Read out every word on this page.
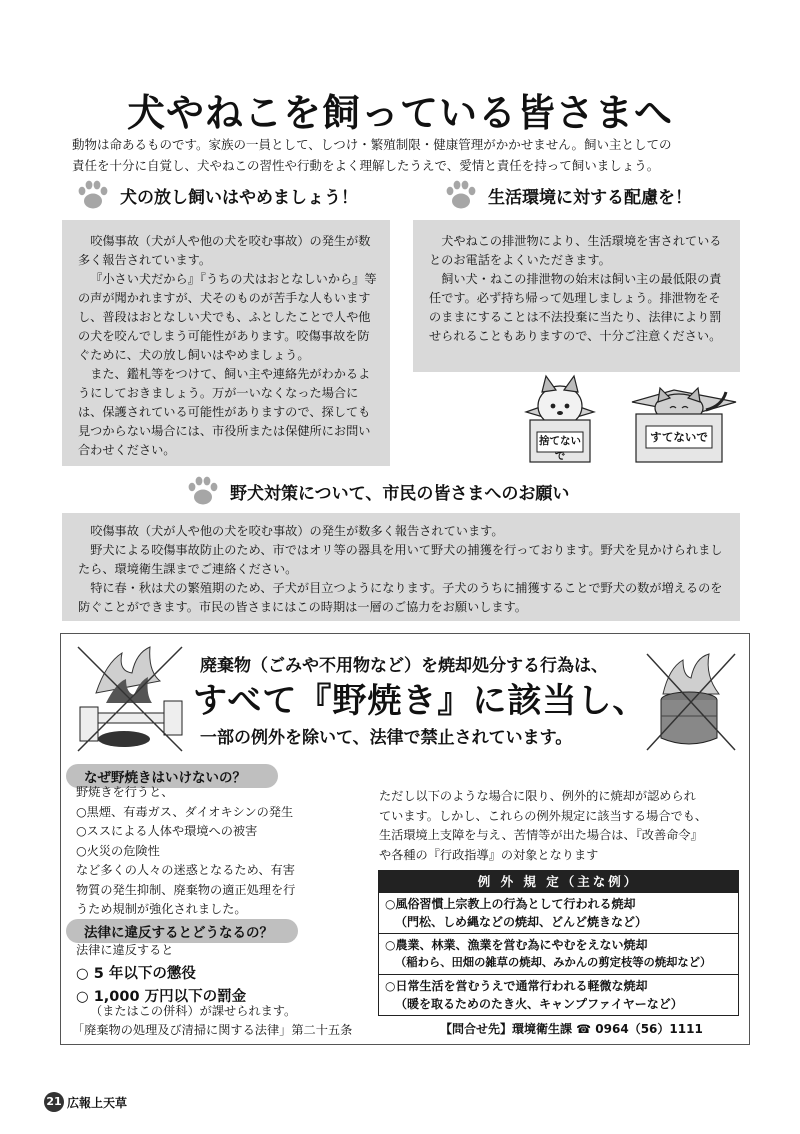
犬やねこを飼っている皆さまへ
動物は命あるものです。家族の一員として、しつけ・繁殖制限・健康管理がかかせません。飼い主としての
責任を十分に自覚し、犬やねこの習性や行動をよく理解したうえで、愛情と責任を持って飼いましょう。
犬の放し飼いはやめましょう！

咬傷事故（犬が人や他の犬を咬む事故）の発生が数多く報告されています。

『小さい犬だから』『うちの犬はおとなしいから』等の声が聞かれますが、犬そのものが苦手な人もいますし、普段はおとなしい犬でも、ふとしたことで人や他の犬を咬んでしまう可能性があります。咬傷事故を防ぐために、犬の放し飼いはやめましょう。

また、鑑札等をつけて、飼い主や連絡先がわかるようにしておきましょう。万が一いなくなった場合には、保護されている可能性がありますので、探しても見つからない場合には、市役所または保健所にお問い合わせください。

生活環境に対する配慮を！

犬やねこの排泄物により、生活環境を害されているとのお電話をよくいただきます。

飼い犬・ねこの排泄物の始末は飼い主の最低限の責任です。必ず持ち帰って処理しましょう。排泄物をそのままにすることは不法投棄に当たり、法律により罰せられることもありますので、十分ご注意ください。

捨てないで
すてないで
野犬対策について、市民の皆さまへのお願い

咬傷事故（犬が人や他の犬を咬む事故）の発生が数多く報告されています。

野犬による咬傷事故防止のため、市ではオリ等の器具を用いて野犬の捕獲を行っております。野犬を見かけられましたら、環境衛生課までご連絡ください。

特に春・秋は犬の繁殖期のため、子犬が目立つようになります。子犬のうちに捕獲することで野犬の数が増えるのを防ぐことができます。市民の皆さまにはこの時期は一層のご協力をお願いします。

廃棄物（ごみや不用物など）を焼却処分する行為は、
すべて『野焼き』に該当し、
一部の例外を除いて、法律で禁止されています。
なぜ野焼きはいけないの？
野焼きを行うと、
○黒煙、有毒ガス、ダイオキシンの発生
○ススによる人体や環境への被害
○火災の危険性
など多くの人々の迷惑となるため、有害
物質の発生抑制、廃棄物の適正処理を行
うため規制が強化されました。
法律に違反するとどうなるの？
法律に違反すると
○ 5 年以下の懲役
○ 1,000 万円以下の罰金
（またはこの併科）が課せられます。
「廃棄物の処理及び清掃に関する法律」第二十五条
ただし以下のような場合に限り、例外的に焼却が認められ
ています。しかし、これらの例外規定に該当する場合でも、
生活環境上支障を与え、苦情等が出た場合は、『改善命令』
や各種の『行政指導』の対象となります
例 外 規 定（主な例）
○風俗習慣上宗教上の行為として行われる焼却
（門松、しめ縄などの焼却、どんど焼きなど）
○農業、林業、漁業を営む為にやむをえない焼却
（稲わら、田畑の雑草の焼却、みかんの剪定枝等の焼却など）
○日常生活を営むうえで通常行われる軽微な焼却
（暖を取るためのたき火、キャンプファイヤーなど）
【問合せ先】環境衛生課 ☎ 0964（56）1111
21 広報上天草
